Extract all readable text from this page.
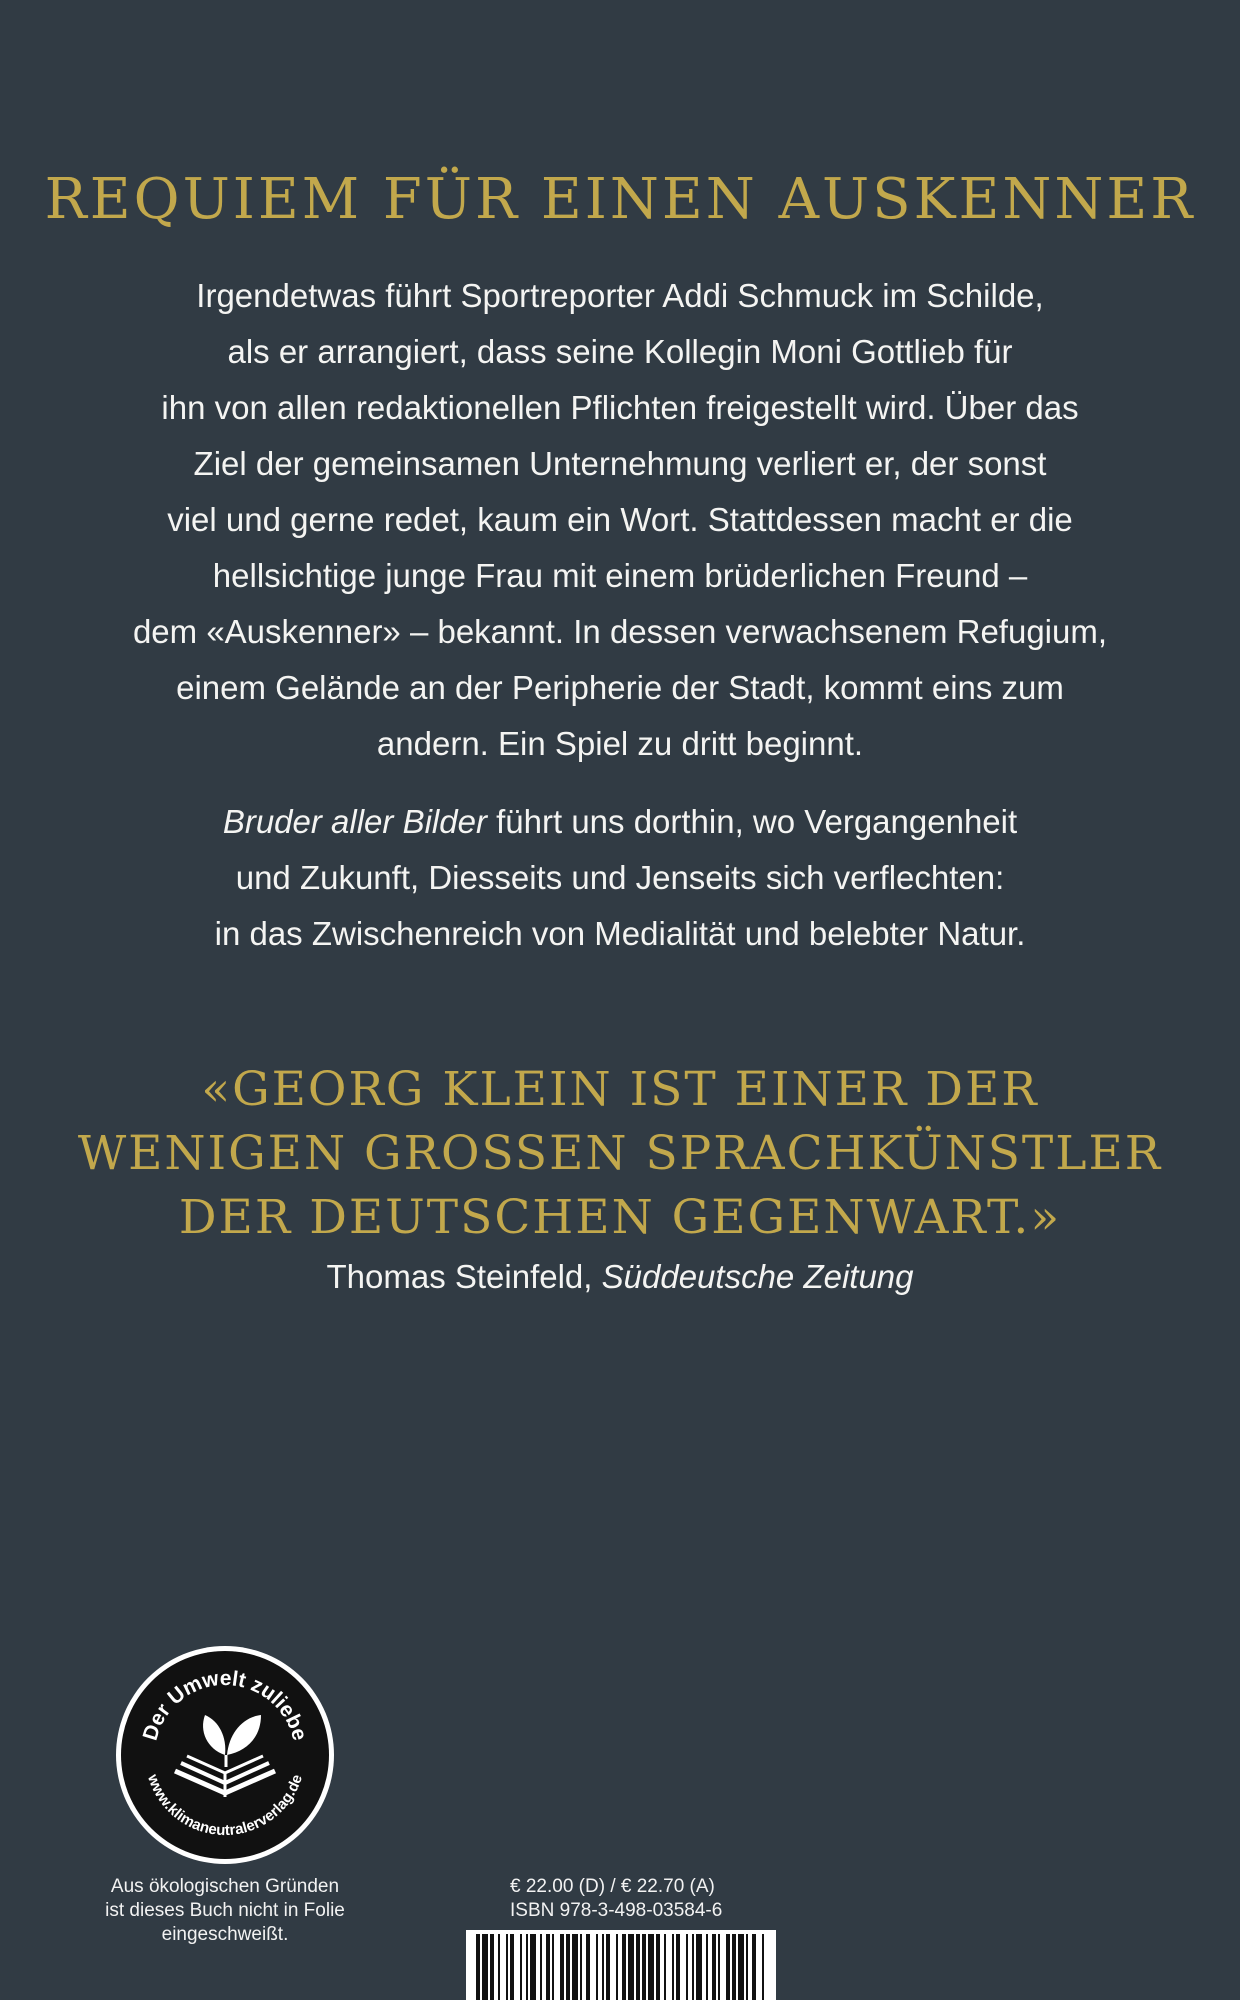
REQUIEM FÜR EINEN AUSKENNER

Irgendetwas führt Sportreporter Addi Schmuck im Schilde,
als er arrangiert, dass seine Kollegin Moni Gottlieb für
ihn von allen redaktionellen Pflichten freigestellt wird. Über das
Ziel der gemeinsamen Unternehmung verliert er, der sonst
viel und gerne redet, kaum ein Wort. Stattdessen macht er die
hellsichtige junge Frau mit einem brüderlichen Freund –
dem «Auskenner» – bekannt. In dessen verwachsenem Refugium,
einem Gelände an der Peripherie der Stadt, kommt eins zum
andern. Ein Spiel zu dritt beginnt.

Bruder aller Bilder führt uns dorthin, wo Vergangenheit
und Zukunft, Diesseits und Jenseits sich verflechten:
in das Zwischenreich von Medialität und belebter Natur.

«GEORG KLEIN IST EINER DER
WENIGEN GROSSEN SPRACHKÜNSTLER
DER DEUTSCHEN GEGENWART.»
Thomas Steinfeld, Süddeutsche Zeitung
Der Umwelt zuliebe
www.klimaneutralerverlag.de
Aus ökologischen Gründen
ist dieses Buch nicht in Folie
eingeschweißt.
€ 22.00 (D) / € 22.70 (A)
ISBN 978-3-498-03584-6
